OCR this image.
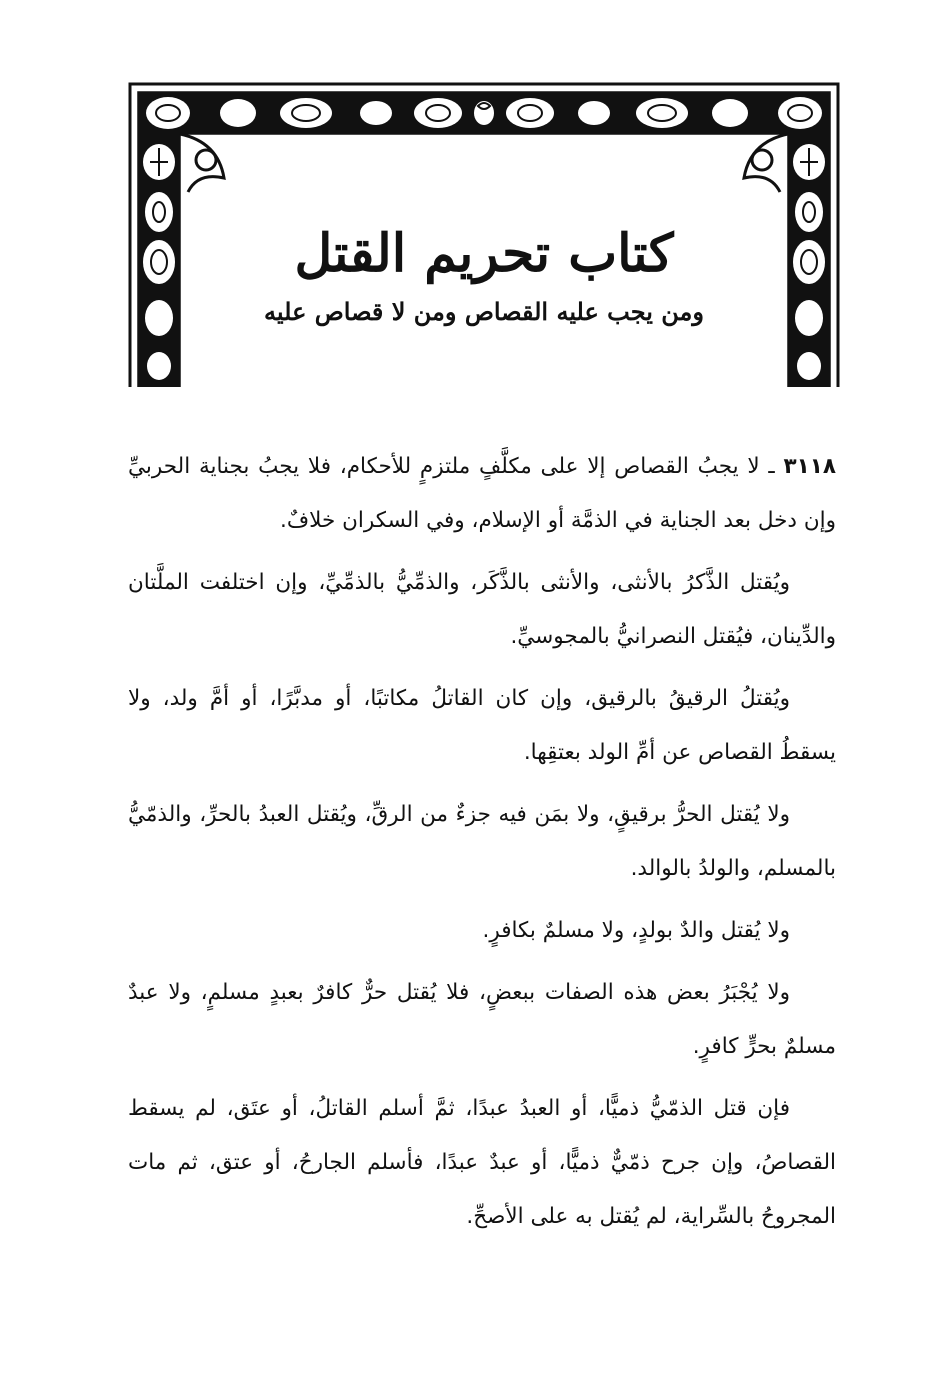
كتاب تحريم القتل
ومن يجب عليه القصاص ومن لا قصاص عليه

٣١١٨ ـ لا يجبُ القصاص إلا على مكلَّفٍ ملتزمٍ للأحكام، فلا يجبُ بجناية الحربيِّ وإن دخل بعد الجناية في الذمَّة أو الإسلام، وفي السكران خلافٌ.

ويُقتل الذَّكرُ بالأنثى، والأنثى بالذَّكَر، والذمِّيُّ بالذمِّيِّ، وإن اختلفت الملَّتان والدِّينان، فيُقتل النصرانيُّ بالمجوسيِّ.

ويُقتلُ الرقيقُ بالرقيق، وإن كان القاتلُ مكاتبًا، أو مدبَّرًا، أو أمَّ ولد، ولا يسقطُ القصاص عن أمِّ الولد بعتقِها.

ولا يُقتل الحرُّ برقيقٍ، ولا بمَن فيه جزءٌ من الرقِّ، ويُقتل العبدُ بالحرِّ، والذمّيُّ بالمسلم، والولدُ بالوالد.

ولا يُقتل والدٌ بولدٍ، ولا مسلمٌ بكافرٍ.

ولا يُجْبَرُ بعض هذه الصفات ببعضٍ، فلا يُقتل حرٌّ كافرٌ بعبدٍ مسلمٍ، ولا عبدٌ مسلمٌ بحرٍّ كافرٍ.

فإن قتل الذمّيُّ ذميًّا، أو العبدُ عبدًا، ثمَّ أسلم القاتلُ، أو عتَق، لم يسقط القصاصُ، وإن جرح ذمّيٌّ ذميًّا، أو عبدٌ عبدًا، فأسلم الجارحُ، أو عتق، ثم مات المجروحُ بالسِّراية، لم يُقتل به على الأصحِّ.
